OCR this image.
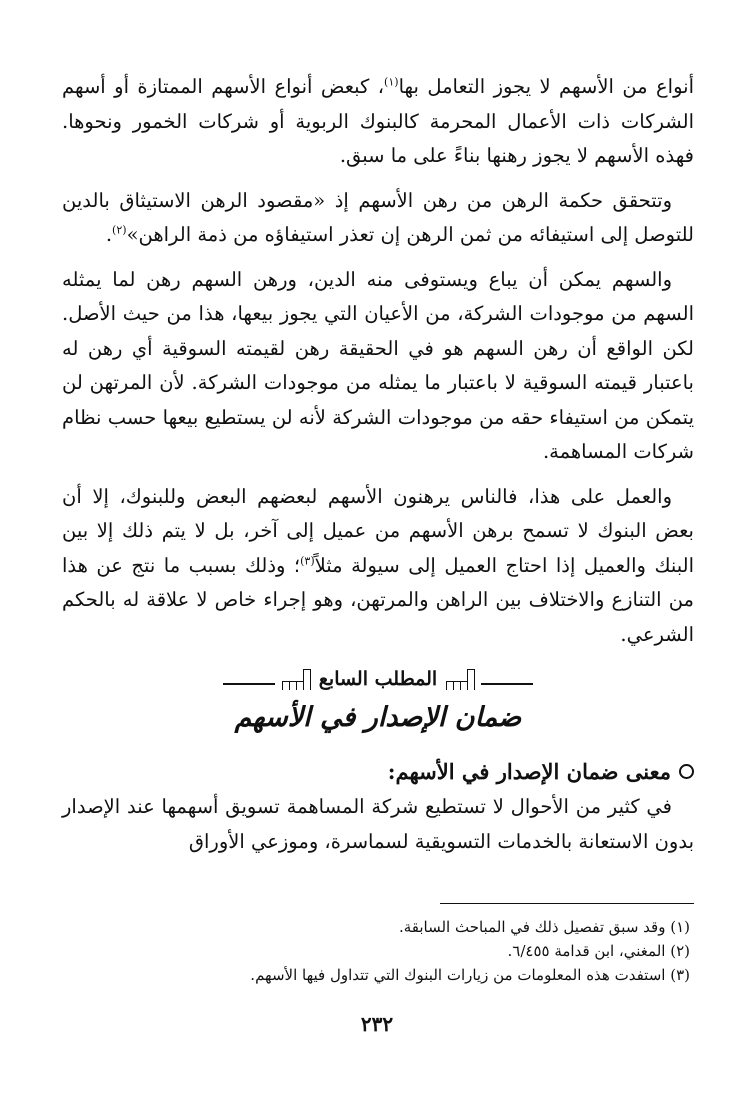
أنواع من الأسهم لا يجوز التعامل بها$^{(١)}$، كبعض أنواع الأسهم الممتازة أو أسهم الشركات ذات الأعمال المحرمة كالبنوك الربوية أو شركات الخمور ونحوها. فهذه الأسهم لا يجوز رهنها بناءً على ما سبق.

وتتحقق حكمة الرهن من رهن الأسهم إذ «مقصود الرهن الاستيثاق بالدين للتوصل إلى استيفائه من ثمن الرهن إن تعذر استيفاؤه من ذمة الراهن»$^{(٢)}$.

والسهم يمكن أن يباع ويستوفى منه الدين، ورهن السهم رهن لما يمثله السهم من موجودات الشركة، من الأعيان التي يجوز بيعها، هذا من حيث الأصل. لكن الواقع أن رهن السهم هو في الحقيقة رهن لقيمته السوقية أي رهن له باعتبار قيمته السوقية لا باعتبار ما يمثله من موجودات الشركة. لأن المرتهن لن يتمكن من استيفاء حقه من موجودات الشركة لأنه لن يستطيع بيعها حسب نظام شركات المساهمة.

والعمل على هذا، فالناس يرهنون الأسهم لبعضهم البعض وللبنوك، إلا أن بعض البنوك لا تسمح برهن الأسهم من عميل إلى آخر، بل لا يتم ذلك إلا بين البنك والعميل إذا احتاج العميل إلى سيولة مثلاً$^{(٣)}$؛ وذلك بسبب ما نتج عن هذا من التنازع والاختلاف بين الراهن والمرتهن، وهو إجراء خاص لا علاقة له بالحكم الشرعي.

المطلب السابع
ضمان الإصدار في الأسهم
معنى ضمان الإصدار في الأسهم:

في كثير من الأحوال لا تستطيع شركة المساهمة تسويق أسهمها عند الإصدار بدون الاستعانة بالخدمات التسويقية لسماسرة، وموزعي الأوراق

(١) وقد سبق تفصيل ذلك في المباحث السابقة.
(٢) المغني، ابن قدامة ٦/٤٥٥.
(٣) استفدت هذه المعلومات من زيارات البنوك التي تتداول فيها الأسهم.
٢٣٢
